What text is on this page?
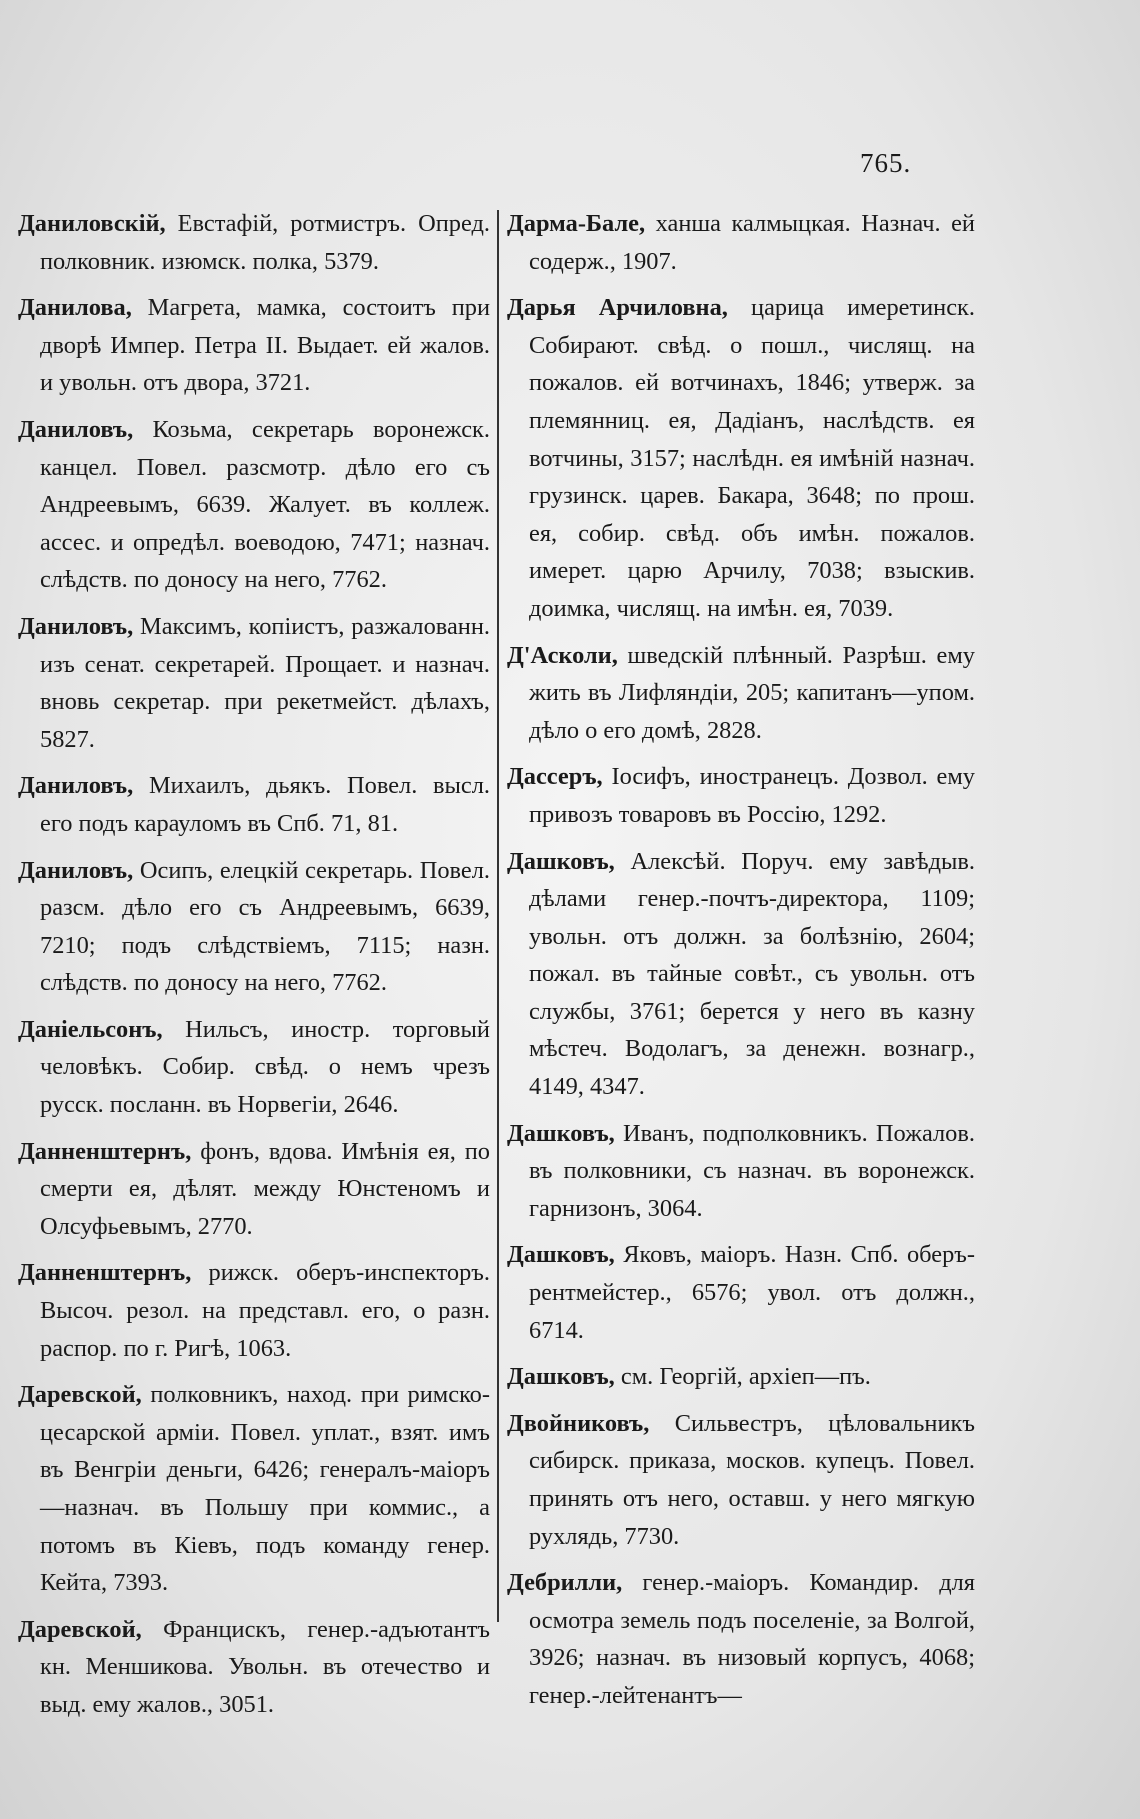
765.

Даниловскій, Евстафій, ротмистръ. Опред. полковник. изюмск. полка, 5379.

Данилова, Магрета, мамка, состоитъ при дворѣ Импер. Петра II. Выдает. ей жалов. и увольн. отъ двора, 3721.

Даниловъ, Козьма, секретарь воронежск. канцел. Повел. разсмотр. дѣло его съ Андреевымъ, 6639. Жалует. въ коллеж. ассес. и опредѣл. воеводою, 7471; назнач. слѣдств. по доносу на него, 7762.

Даниловъ, Максимъ, копіистъ, разжалованн. изъ сенат. секретарей. Прощает. и назнач. вновь секретар. при рекетмейст. дѣлахъ, 5827.

Даниловъ, Михаилъ, дьякъ. Повел. высл. его подъ карауломъ въ Спб. 71, 81.

Даниловъ, Осипъ, елецкій секретарь. Повел. разсм. дѣло его съ Андреевымъ, 6639, 7210; подъ слѣдствіемъ, 7115; назн. слѣдств. по доносу на него, 7762.

Даніельсонъ, Нильсъ, иностр. торговый человѣкъ. Собир. свѣд. о немъ чрезъ русск. посланн. въ Норвегіи, 2646.

Данненштернъ, фонъ, вдова. Имѣнія ея, по смерти ея, дѣлят. между Юнстеномъ и Олсуфьевымъ, 2770.

Данненштернъ, рижск. оберъ-инспекторъ. Высоч. резол. на представл. его, о разн. распор. по г. Ригѣ, 1063.

Даревской, полковникъ, наход. при римско-цесарской арміи. Повел. уплат., взят. имъ въ Венгріи деньги, 6426; генералъ-маіоръ—назнач. въ Польшу при коммис., а потомъ въ Кіевъ, подъ команду генер. Кейта, 7393.

Даревской, Францискъ, генер.-адъютантъ кн. Меншикова. Увольн. въ отечество и выд. ему жалов., 3051.

Дарма-Бале, ханша калмыцкая. Назнач. ей содерж., 1907.

Дарья Арчиловна, царица имеретинск. Собирают. свѣд. о пошл., числящ. на пожалов. ей вотчинахъ, 1846; утверж. за племянниц. ея, Дадіанъ, наслѣдств. ея вотчины, 3157; наслѣдн. ея имѣній назнач. грузинск. царев. Бакара, 3648; по прош. ея, собир. свѣд. объ имѣн. пожалов. имерет. царю Арчилу, 7038; взыскив. доимка, числящ. на имѣн. ея, 7039.

Д'Асколи, шведскій плѣнный. Разрѣш. ему жить въ Лифляндіи, 205; капитанъ—упом. дѣло о его домѣ, 2828.

Дассеръ, Іосифъ, иностранецъ. Дозвол. ему привозъ товаровъ въ Россію, 1292.

Дашковъ, Алексѣй. Поруч. ему завѣдыв. дѣлами генер.-почтъ-директора, 1109; увольн. отъ должн. за болѣзнію, 2604; пожал. въ тайные совѣт., съ увольн. отъ службы, 3761; берется у него въ казну мѣстеч. Водолагъ, за денежн. вознагр., 4149, 4347.

Дашковъ, Иванъ, подполковникъ. Пожалов. въ полковники, съ назнач. въ воронежск. гарнизонъ, 3064.

Дашковъ, Яковъ, маіоръ. Назн. Спб. оберъ-рентмейстер., 6576; увол. отъ должн., 6714.

Дашковъ, см. Георгій, архіеп—пъ.

Двойниковъ, Сильвестръ, цѣловальникъ сибирск. приказа, москов. купецъ. Повел. принять отъ него, оставш. у него мягкую рухлядь, 7730.

Дебрилли, генер.-маіоръ. Командир. для осмотра земель подъ поселеніе, за Волгой, 3926; назнач. въ низовый корпусъ, 4068; генер.-лейтенантъ—
